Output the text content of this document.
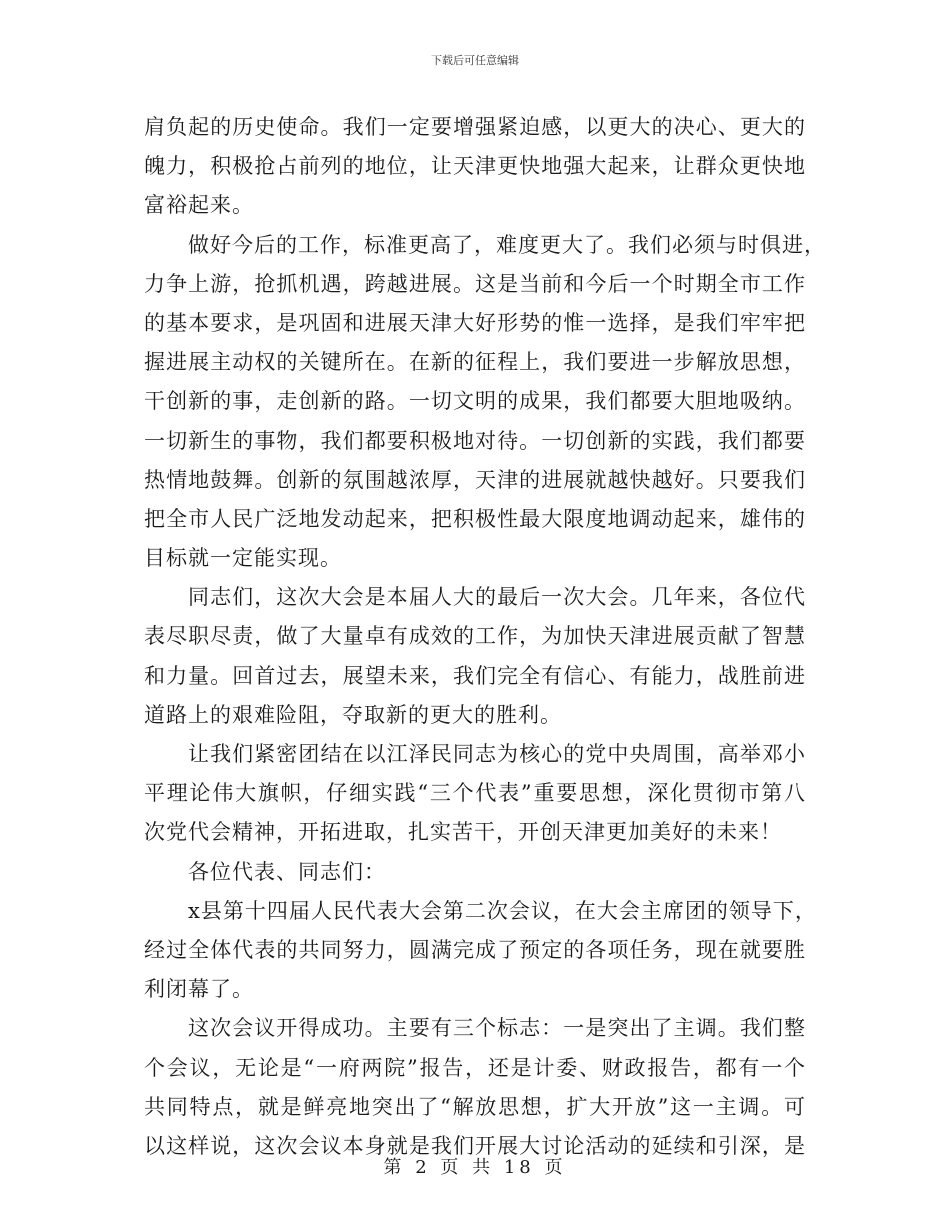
下载后可任意编辑
肩负起的历史使命。我们一定要增强紧迫感，以更大的决心、更大的
魄力，积极抢占前列的地位，让天津更快地强大起来，让群众更快地
富裕起来。
做好今后的工作，标准更高了，难度更大了。我们必须与时俱进，
力争上游，抢抓机遇，跨越进展。这是当前和今后一个时期全市工作
的基本要求，是巩固和进展天津大好形势的惟一选择，是我们牢牢把
握进展主动权的关键所在。在新的征程上，我们要进一步解放思想，
干创新的事，走创新的路。一切文明的成果，我们都要大胆地吸纳。
一切新生的事物，我们都要积极地对待。一切创新的实践，我们都要
热情地鼓舞。创新的氛围越浓厚，天津的进展就越快越好。只要我们
把全市人民广泛地发动起来，把积极性最大限度地调动起来，雄伟的
目标就一定能实现。
同志们，这次大会是本届人大的最后一次大会。几年来，各位代
表尽职尽责，做了大量卓有成效的工作，为加快天津进展贡献了智慧
和力量。回首过去，展望未来，我们完全有信心、有能力，战胜前进
道路上的艰难险阻，夺取新的更大的胜利。
让我们紧密团结在以江泽民同志为核心的党中央周围，高举邓小
平理论伟大旗帜，仔细实践“三个代表”重要思想，深化贯彻市第八
次党代会精神，开拓进取，扎实苦干，开创天津更加美好的未来！
各位代表、同志们：
x县第十四届人民代表大会第二次会议，在大会主席团的领导下，
经过全体代表的共同努力，圆满完成了预定的各项任务，现在就要胜
利闭幕了。
这次会议开得成功。主要有三个标志：一是突出了主调。我们整
个会议，无论是“一府两院”报告，还是计委、财政报告，都有一个
共同特点，就是鲜亮地突出了“解放思想，扩大开放”这一主调。可
以这样说，这次会议本身就是我们开展大讨论活动的延续和引深，是
第 2 页 共 18 页
